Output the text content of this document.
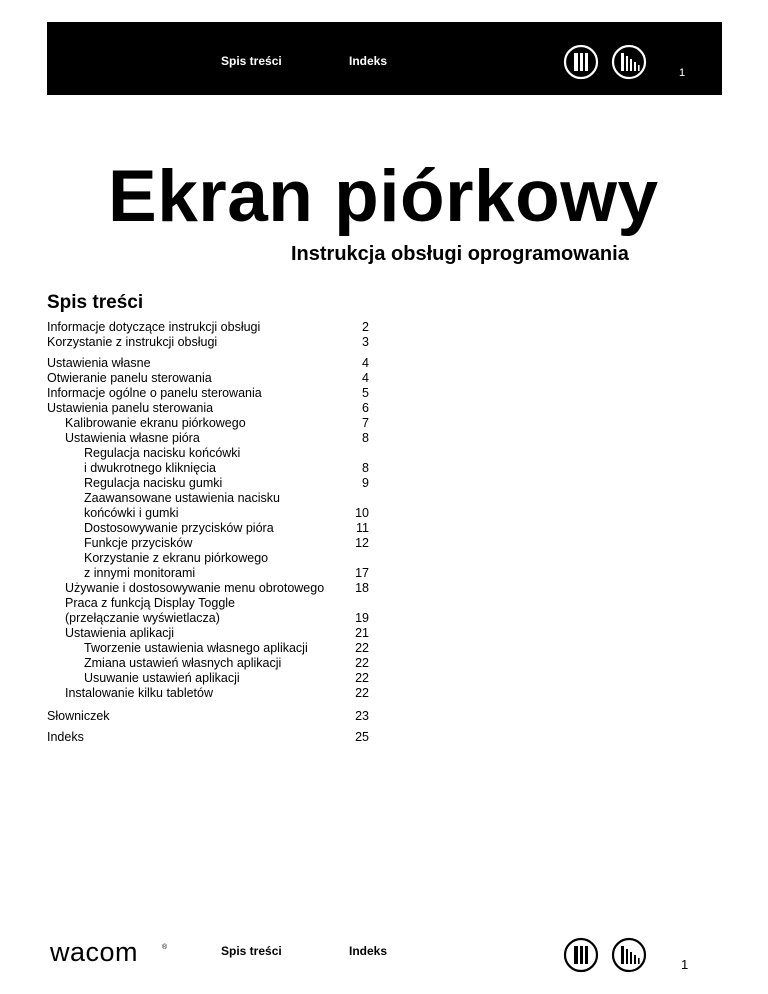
Spis treści	Indeks
1
Ekran piórkowy
Instrukcja obsługi oprogramowania
Spis treści
Informacje dotyczące instrukcji obsługi	2
Korzystanie z instrukcji obsługi	3
Ustawienia własne	4
Otwieranie panelu sterowania	4
Informacje ogólne o panelu sterowania	5
Ustawienia panelu sterowania	6
Kalibrowanie ekranu piórkowego	7
Ustawienia własne pióra	8
Regulacja nacisku końcówki
i dwukrotnego kliknięcia	8
Regulacja nacisku gumki	9
Zaawansowane ustawienia nacisku
końcówki i gumki	10
Dostosowywanie przycisków pióra	11
Funkcje przycisków	12
Korzystanie z ekranu piórkowego
z innymi monitorami	17
Używanie i dostosowywanie menu obrotowego	18
Praca z funkcją Display Toggle
(przełączanie wyświetlacza)	19
Ustawienia aplikacji	21
Tworzenie ustawienia własnego aplikacji	22
Zmiana ustawień własnych aplikacji	22
Usuwanie ustawień aplikacji	22
Instalowanie kilku tabletów	22
Słowniczek	23
Indeks	25
wacom	®	Spis treści	Indeks
1
